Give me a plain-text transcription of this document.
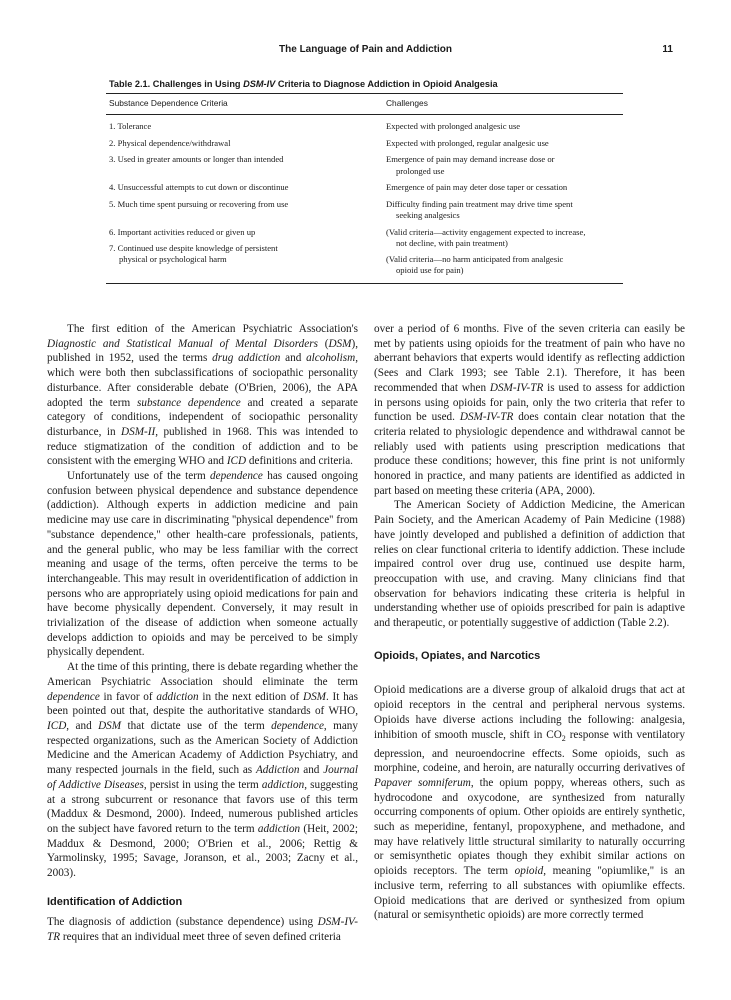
The Language of Pain and Addiction	11
Table 2.1. Challenges in Using DSM-IV Criteria to Diagnose Addiction in Opioid Analgesia
Substance Dependence Criteria	Challenges
1. Tolerance	Expected with prolonged analgesic use
2. Physical dependence/withdrawal	Expected with prolonged, regular analgesic use
3. Used in greater amounts or longer than intended	Emergence of pain may demand increase dose or
prolonged use
4. Unsuccessful attempts to cut down or discontinue	Emergence of pain may deter dose taper or cessation
5. Much time spent pursuing or recovering from use	Difficulty finding pain treatment may drive time spent
seeking analgesics
6. Important activities reduced or given up	(Valid criteria—activity engagement expected to increase,
not decline, with pain treatment)
7. Continued use despite knowledge of persistent
physical or psychological harm	(Valid criteria—no harm anticipated from analgesic
opioid use for pain)

The first edition of the American Psychiatric Association's Diagnostic and Statistical Manual of Mental Disorders (DSM), published in 1952, used the terms drug addiction and alcoholism, which were both then subclassifications of sociopathic personality disturbance. After considerable debate (O'Brien, 2006), the APA adopted the term substance dependence and created a separate category of conditions, independent of sociopathic personality disturbance, in DSM-II, published in 1968. This was intended to reduce stigmatization of the condition of addiction and to be consistent with the emerging WHO and ICD definitions and criteria.

Unfortunately use of the term dependence has caused ongoing confusion between physical dependence and substance dependence (addiction). Although experts in addiction medicine and pain medicine may use care in discriminating ''physical dependence'' from ''substance dependence,'' other health-care professionals, patients, and the general public, who may be less familiar with the correct meaning and usage of the terms, often perceive the terms to be interchangeable. This may result in overidentification of addiction in persons who are appropriately using opioid medications for pain and have become physically dependent. Conversely, it may result in trivialization of the disease of addiction when someone actually develops addiction to opioids and may be perceived to be simply physically dependent.

At the time of this printing, there is debate regarding whether the American Psychiatric Association should eliminate the term dependence in favor of addiction in the next edition of DSM. It has been pointed out that, despite the authoritative standards of WHO, ICD, and DSM that dictate use of the term dependence, many respected organizations, such as the American Society of Addiction Medicine and the American Academy of Addiction Psychiatry, and many respected journals in the field, such as Addiction and Journal of Addictive Diseases, persist in using the term addiction, suggesting at a strong subcurrent or resonance that favors use of this term (Maddux & Desmond, 2000). Indeed, numerous published articles on the subject have favored return to the term addiction (Heit, 2002; Maddux & Desmond, 2000; O'Brien et al., 2006; Rettig & Yarmolinsky, 1995; Savage, Joranson, et al., 2003; Zacny et al., 2003).

Identification of Addiction

The diagnosis of addiction (substance dependence) using DSM-IV-TR requires that an individual meet three of seven defined criteria

over a period of 6 months. Five of the seven criteria can easily be met by patients using opioids for the treatment of pain who have no aberrant behaviors that experts would identify as reflecting addiction (Sees and Clark 1993; see Table 2.1). Therefore, it has been recommended that when DSM-IV-TR is used to assess for addiction in persons using opioids for pain, only the two criteria that refer to function be used. DSM-IV-TR does contain clear notation that the criteria related to physiologic dependence and withdrawal cannot be reliably used with patients using prescription medications that produce these conditions; however, this fine print is not uniformly honored in practice, and many patients are identified as addicted in part based on meeting these criteria (APA, 2000).

The American Society of Addiction Medicine, the American Pain Society, and the American Academy of Pain Medicine (1988) have jointly developed and published a definition of addiction that relies on clear functional criteria to identify addiction. These include impaired control over drug use, continued use despite harm, preoccupation with use, and craving. Many clinicians find that observation for behaviors indicating these criteria is helpful in understanding whether use of opioids prescribed for pain is adaptive and therapeutic, or potentially suggestive of addiction (Table 2.2).

Opioids, Opiates, and Narcotics

Opioid medications are a diverse group of alkaloid drugs that act at opioid receptors in the central and peripheral nervous systems. Opioids have diverse actions including the following: analgesia, inhibition of smooth muscle, shift in $CO_2$ response with ventilatory depression, and neuroendocrine effects. Some opioids, such as morphine, codeine, and heroin, are naturally occurring derivatives of Papaver somniferum, the opium poppy, whereas others, such as hydrocodone and oxycodone, are synthesized from naturally occurring components of opium. Other opioids are entirely synthetic, such as meperidine, fentanyl, propoxyphene, and methadone, and may have relatively little structural similarity to naturally occurring or semisynthetic opiates though they exhibit similar actions on opioids receptors. The term opioid, meaning ''opiumlike,'' is an inclusive term, referring to all substances with opiumlike effects. Opioid medications that are derived or synthesized from opium (natural or semisynthetic opioids) are more correctly termed
